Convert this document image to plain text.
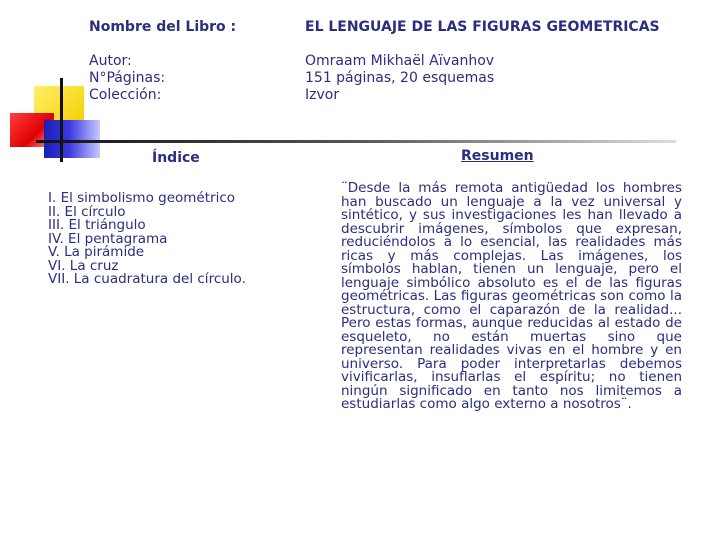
Nombre del Libro :	EL LENGUAJE DE LAS FIGURAS GEOMETRICAS
Autor:	Omraam Mikhaël Aïvanhov
N°Páginas:	151 páginas, 20 esquemas
Colección:	Izvor
Índice
I. El simbolismo geométrico
II. El círculo
III. El triángulo
IV. El pentagrama
V. La pirámide
VI. La cruz
VII. La cuadratura del círculo.
Resumen

¨Desde la más remota antigüedad los hombres han buscado un lenguaje a la vez universal y sintético, y sus investigaciones les han llevado a descubrir imágenes, símbolos que expresan, reduciéndolos a lo esencial, las realidades más ricas y más complejas. Las imágenes, los símbolos hablan, tienen un lenguaje, pero el lenguaje simbólico absoluto es el de las figuras geométricas. Las figuras geométricas son como la estructura, como el caparazón de la realidad... Pero estas formas, aunque reducidas al estado de esqueleto, no están muertas sino que representan realidades vivas en el hombre y en universo. Para poder interpretarlas debemos vivificarlas, insuflarlas el espíritu; no tienen ningún significado en tanto nos limitemos a estudiarlas como algo externo a nosotros¨.
